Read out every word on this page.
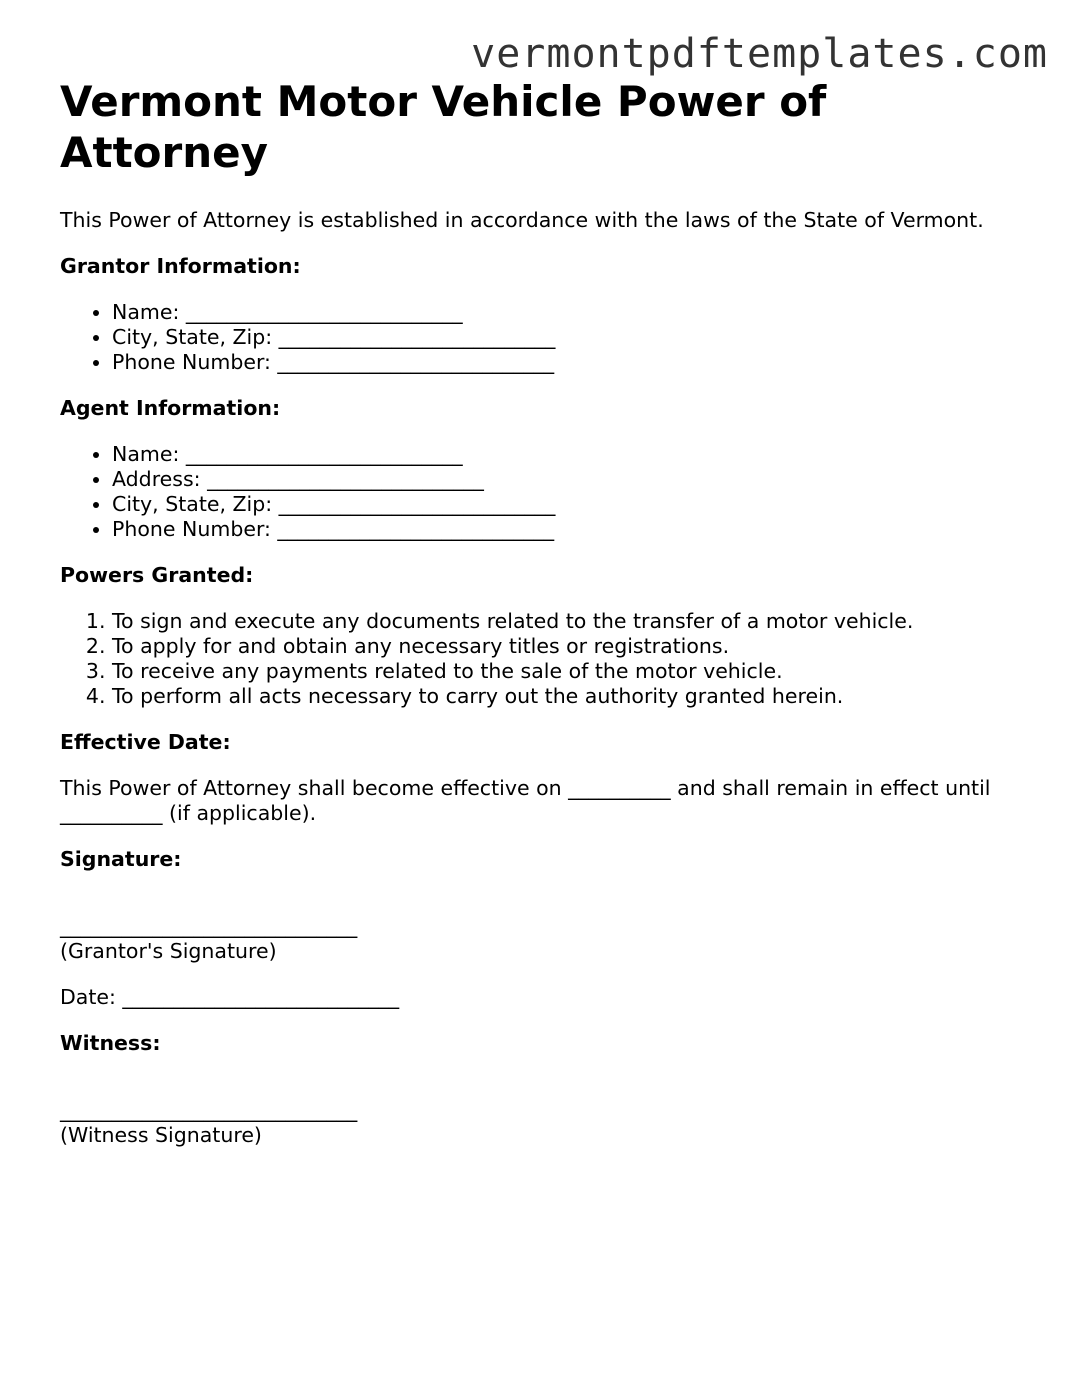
vermontpdftemplates.com
Vermont Motor Vehicle Power of Attorney

This Power of Attorney is established in accordance with the laws of the State of Vermont.

Grantor Information:
• Name: ___________________________
• City, State, Zip: ___________________________
• Phone Number: ___________________________
Agent Information:
• Name: ___________________________
• Address: ___________________________
• City, State, Zip: ___________________________
• Phone Number: ___________________________
Powers Granted:
1. To sign and execute any documents related to the transfer of a motor vehicle.
2. To apply for and obtain any necessary titles or registrations.
3. To receive any payments related to the sale of the motor vehicle.
4. To perform all acts necessary to carry out the authority granted herein.
Effective Date:

This Power of Attorney shall become effective on __________ and shall remain in effect until __________ (if applicable).

Signature:
_____________________________
(Grantor's Signature)

Date: ___________________________

Witness:
_____________________________
(Witness Signature)
